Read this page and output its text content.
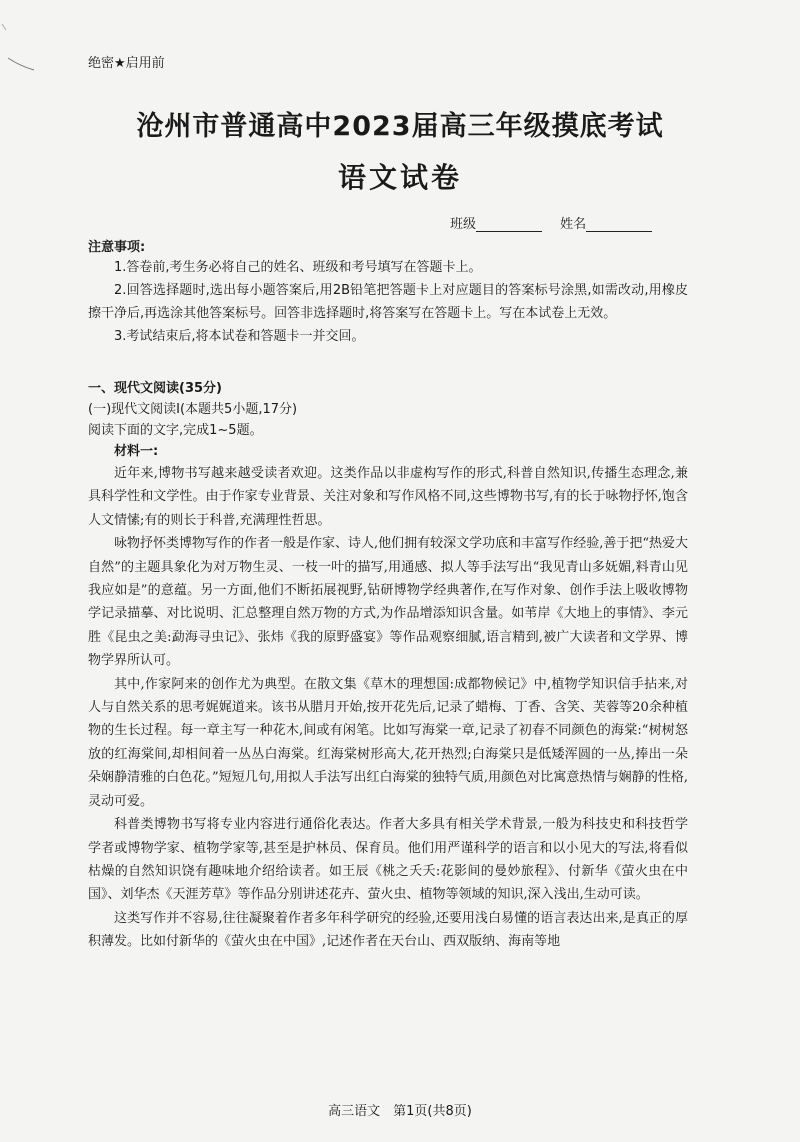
绝密★启用前
沧州市普通高中2023届高三年级摸底考试
语文试卷
班级	姓名
注意事项:

1.答卷前,考生务必将自己的姓名、班级和考号填写在答题卡上。

2.回答选择题时,选出每小题答案后,用2B铅笔把答题卡上对应题目的答案标号涂黑,如需改动,用橡皮擦干净后,再选涂其他答案标号。回答非选择题时,将答案写在答题卡上。写在本试卷上无效。

3.考试结束后,将本试卷和答题卡一并交回。

一、现代文阅读(35分)
(一)现代文阅读Ⅰ(本题共5小题,17分)
阅读下面的文字,完成1~5题。
材料一:

近年来,博物书写越来越受读者欢迎。这类作品以非虚构写作的形式,科普自然知识,传播生态理念,兼具科学性和文学性。由于作家专业背景、关注对象和写作风格不同,这些博物书写,有的长于咏物抒怀,饱含人文情愫;有的则长于科普,充满理性哲思。

咏物抒怀类博物写作的作者一般是作家、诗人,他们拥有较深文学功底和丰富写作经验,善于把“热爱大自然”的主题具象化为对万物生灵、一枝一叶的描写,用通感、拟人等手法写出“我见青山多妩媚,料青山见我应如是”的意蕴。另一方面,他们不断拓展视野,钻研博物学经典著作,在写作对象、创作手法上吸收博物学记录描摹、对比说明、汇总整理自然万物的方式,为作品增添知识含量。如苇岸《大地上的事情》、李元胜《昆虫之美:勐海寻虫记》、张炜《我的原野盛宴》等作品观察细腻,语言精到,被广大读者和文学界、博物学界所认可。

其中,作家阿来的创作尤为典型。在散文集《草木的理想国:成都物候记》中,植物学知识信手拈来,对人与自然关系的思考娓娓道来。该书从腊月开始,按开花先后,记录了蜡梅、丁香、含笑、芙蓉等20余种植物的生长过程。每一章主写一种花木,间或有闲笔。比如写海棠一章,记录了初春不同颜色的海棠:“树树怒放的红海棠间,却相间着一丛丛白海棠。红海棠树形高大,花开热烈;白海棠只是低矮浑圆的一丛,捧出一朵朵娴静清雅的白色花。”短短几句,用拟人手法写出红白海棠的独特气质,用颜色对比寓意热情与娴静的性格,灵动可爱。

科普类博物书写将专业内容进行通俗化表达。作者大多具有相关学术背景,一般为科技史和科技哲学学者或博物学家、植物学家等,甚至是护林员、保育员。他们用严谨科学的语言和以小见大的写法,将看似枯燥的自然知识饶有趣味地介绍给读者。如王辰《桃之夭夭:花影间的曼妙旅程》、付新华《萤火虫在中国》、刘华杰《天涯芳草》等作品分别讲述花卉、萤火虫、植物等领域的知识,深入浅出,生动可读。

这类写作并不容易,往往凝聚着作者多年科学研究的经验,还要用浅白易懂的语言表达出来,是真正的厚积薄发。比如付新华的《萤火虫在中国》,记述作者在天台山、西双版纳、海南等地

高三语文　第1页(共8页)
